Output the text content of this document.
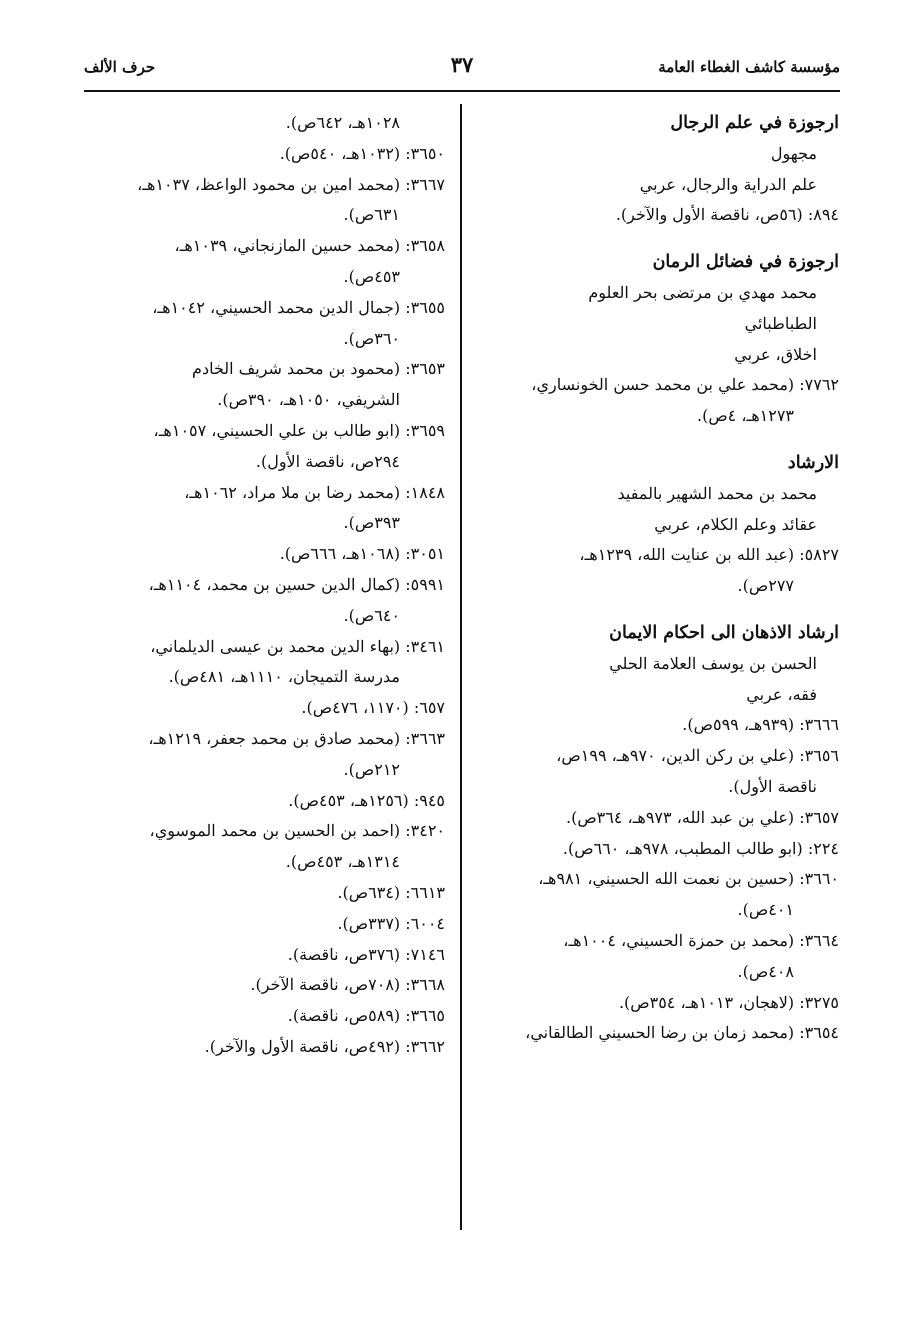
مؤسسة كاشف الغطاء العامة
٣٧
حرف الألف
ارجوزة في علم الرجال
مجهول
علم الدراية والرجال، عربي
٨٩٤: (٥٦ص، ناقصة الأول والآخر).
ارجوزة في فضائل الرمان
محمد مهدي بن مرتضى بحر العلوم
الطباطبائي
اخلاق، عربي
٧٧٦٢: (محمد علي بن محمد حسن الخونساري،
١٢٧٣هـ، ٤ص).
الارشاد
محمد بن محمد الشهير بالمفيد
عقائد وعلم الكلام، عربي
٥٨٢٧: (عبد الله بن عنايت الله، ١٢٣٩هـ،
٢٧٧ص).
ارشاد الاذهان الى احكام الايمان
الحسن بن يوسف العلامة الحلي
فقه، عربي
٣٦٦٦: (٩٣٩هـ، ٥٩٩ص).
٣٦٥٦: (علي بن ركن الدين، ٩٧٠هـ، ١٩٩ص،
ناقصة الأول).
٣٦٥٧: (علي بن عبد الله، ٩٧٣هـ، ٣٦٤ص).
٢٢٤: (ابو طالب المطبب، ٩٧٨هـ، ٦٦٠ص).
٣٦٦٠: (حسين بن نعمت الله الحسيني، ٩٨١هـ،
٤٠١ص).
٣٦٦٤: (محمد بن حمزة الحسيني، ١٠٠٤هـ،
٤٠٨ص).
٣٢٧٥: (لاهجان، ١٠١٣هـ، ٣٥٤ص).
٣٦٥٤: (محمد زمان بن رضا الحسيني الطالقاني،
١٠٢٨هـ، ٦٤٢ص).
٣٦٥٠: (١٠٣٢هـ، ٥٤٠ص).
٣٦٦٧: (محمد امين بن محمود الواعظ، ١٠٣٧هـ،
٦٣١ص).
٣٦٥٨: (محمد حسين المازنجاني، ١٠٣٩هـ،
٤٥٣ص).
٣٦٥٥: (جمال الدين محمد الحسيني، ١٠٤٢هـ،
٣٦٠ص).
٣٦٥٣: (محمود بن محمد شريف الخادم
الشريفي، ١٠٥٠هـ، ٣٩٠ص).
٣٦٥٩: (ابو طالب بن علي الحسيني، ١٠٥٧هـ،
٢٩٤ص، ناقصة الأول).
١٨٤٨: (محمد رضا بن ملا مراد، ١٠٦٢هـ،
٣٩٣ص).
٣٠٥١: (١٠٦٨هـ، ٦٦٦ص).
٥٩٩١: (كمال الدين حسين بن محمد، ١١٠٤هـ،
٦٤٠ص).
٣٤٦١: (بهاء الدين محمد بن عيسى الديلماني،
مدرسة التميجان، ١١١٠هـ، ٤٨١ص).
٦٥٧: (١١٧٠، ٤٧٦ص).
٣٦٦٣: (محمد صادق بن محمد جعفر، ١٢١٩هـ،
٢١٢ص).
٩٤٥: (١٢٥٦هـ، ٤٥٣ص).
٣٤٢٠: (احمد بن الحسين بن محمد الموسوي،
١٣١٤هـ، ٤٥٣ص).
٦٦١٣: (٦٣٤ص).
٦٠٠٤: (٣٣٧ص).
٧١٤٦: (٣٧٦ص، ناقصة).
٣٦٦٨: (٧٠٨ص، ناقصة الآخر).
٣٦٦٥: (٥٨٩ص، ناقصة).
٣٦٦٢: (٤٩٢ص، ناقصة الأول والآخر).
